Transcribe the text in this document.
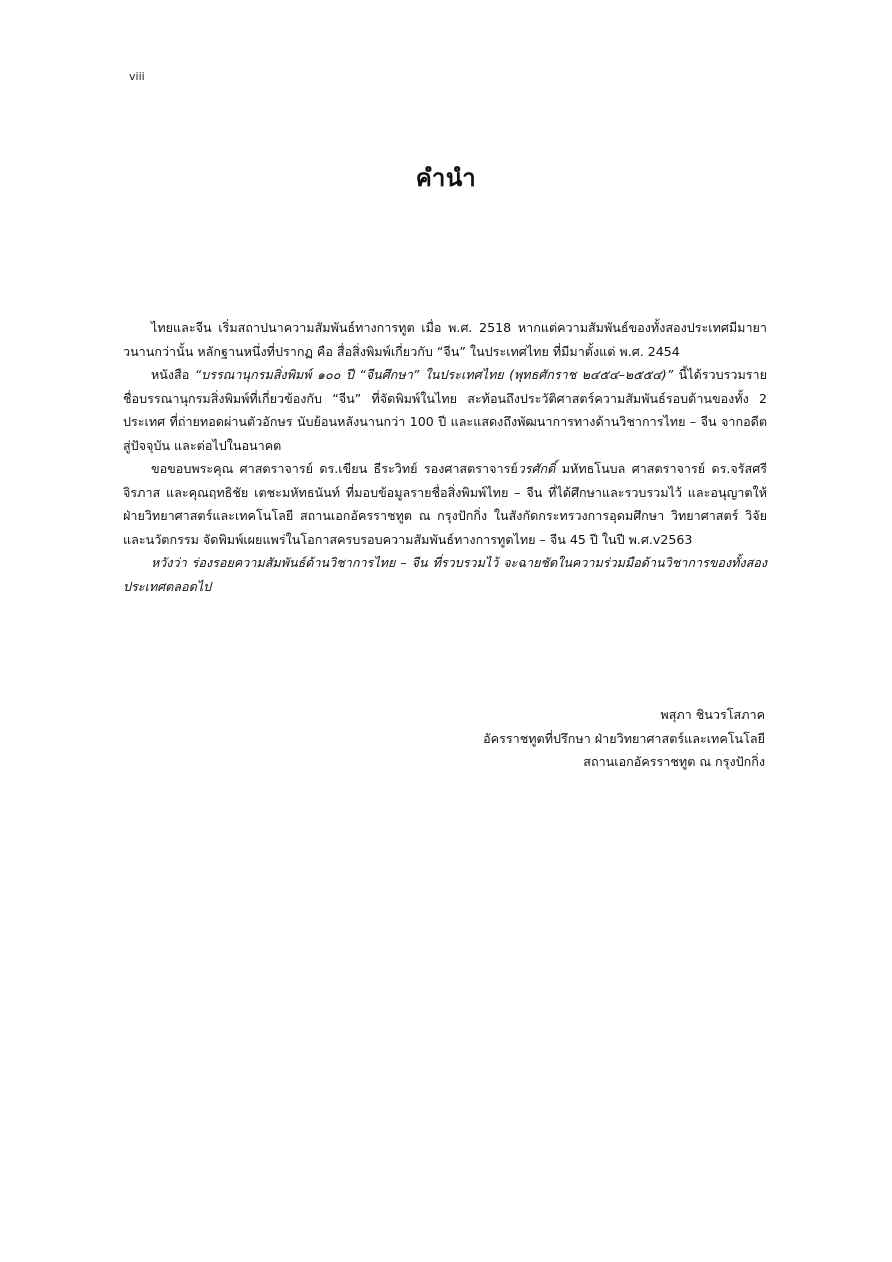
viii
คำนำ

ไทยและจีน เริ่มสถาปนาความสัมพันธ์ทางการทูต เมื่อ พ.ศ. 2518 หากแต่ความสัมพันธ์ของทั้งสองประเทศมีมายาวนานกว่านั้น หลักฐานหนึ่งที่ปรากฏ คือ สื่อสิ่งพิมพ์เกี่ยวกับ “จีน” ในประเทศไทย ที่มีมาตั้งแต่ พ.ศ. 2454

หนังสือ “บรรณานุกรมสิ่งพิมพ์ ๑๐๐ ปี “จีนศึกษา” ในประเทศไทย (พุทธศักราช ๒๔๕๔–๒๕๕๔)” นี้ได้รวบรวมรายชื่อบรรณานุกรมสิ่งพิมพ์ที่เกี่ยวข้องกับ “จีน” ที่จัดพิมพ์ในไทย สะท้อนถึงประวัติศาสตร์ความสัมพันธ์รอบด้านของทั้ง 2 ประเทศ ที่ถ่ายทอดผ่านตัวอักษร นับย้อนหลังนานกว่า 100 ปี และแสดงถึงพัฒนาการทางด้านวิชาการไทย – จีน จากอดีต สู่ปัจจุบัน และต่อไปในอนาคต

ขอขอบพระคุณ ศาสตราจารย์ ดร.เขียน ธีระวิทย์ รองศาสตราจารย์วรศักดิ์ มหัทธโนบล ศาสตราจารย์ ดร.จรัสศรี จิรภาส และคุณฤทธิชัย เตชะมหัทธนันท์ ที่มอบข้อมูลรายชื่อสิ่งพิมพ์ไทย – จีน ที่ได้ศึกษาและรวบรวมไว้ และอนุญาตให้ฝ่ายวิทยาศาสตร์และเทคโนโลยี สถานเอกอัครราชทูต ณ กรุงปักกิ่ง ในสังกัดกระทรวงการอุดมศึกษา วิทยาศาสตร์ วิจัยและนวัตกรรม จัดพิมพ์เผยแพร่ในโอกาสครบรอบความสัมพันธ์ทางการทูตไทย – จีน 45 ปี ในปี พ.ศ.v2563

หวังว่า ร่องรอยความสัมพันธ์ด้านวิชาการไทย – จีน ที่รวบรวมไว้ จะฉายชัดในความร่วมมือด้านวิชาการของทั้งสองประเทศตลอดไป

พสุภา ชินวรโสภาค
อัครราชทูตที่ปรึกษา ฝ่ายวิทยาศาสตร์และเทคโนโลยี
สถานเอกอัครราชทูต ณ กรุงปักกิ่ง
